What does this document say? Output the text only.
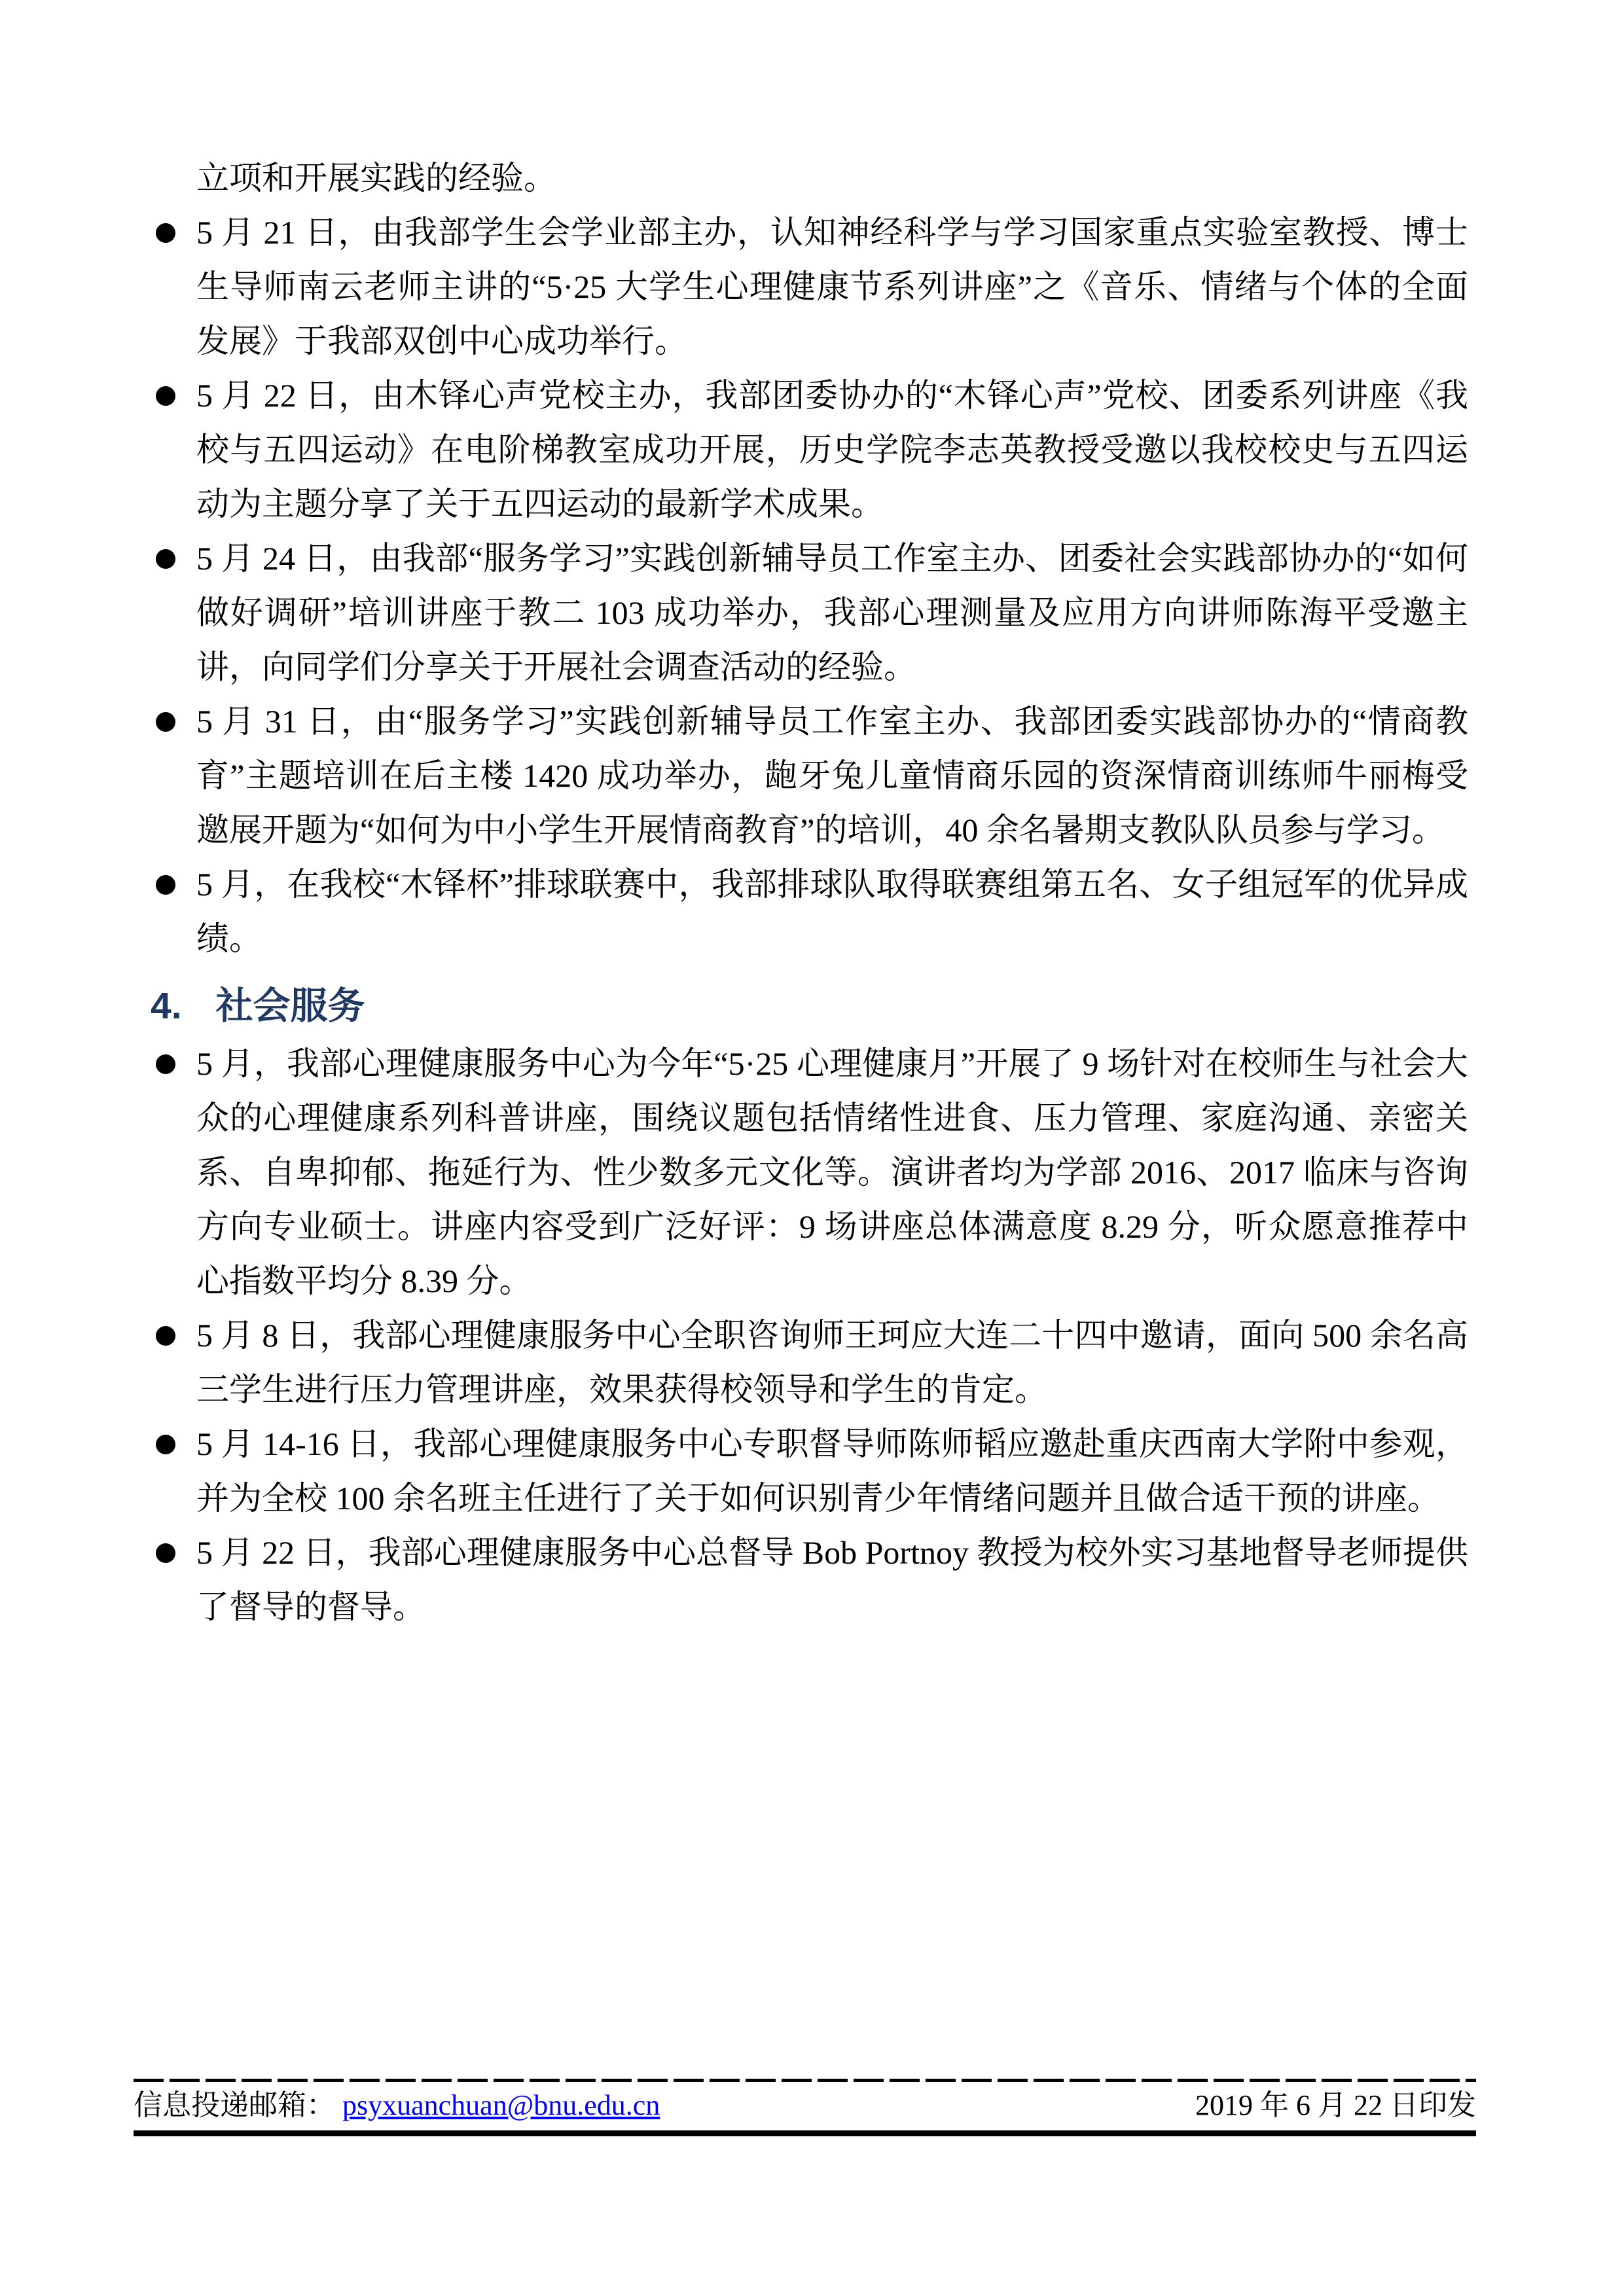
立项和开展实践的经验。
5 月 21 日，由我部学生会学业部主办，认知神经科学与学习国家重点实验室教授、博士生导师南云老师主讲的“5·25 大学生心理健康节系列讲座”之《音乐、情绪与个体的全面发展》于我部双创中心成功举行。
5 月 22 日，由木铎心声党校主办，我部团委协办的“木铎心声”党校、团委系列讲座《我校与五四运动》在电阶梯教室成功开展，历史学院李志英教授受邀以我校校史与五四运动为主题分享了关于五四运动的最新学术成果。
5 月 24 日，由我部“服务学习”实践创新辅导员工作室主办、团委社会实践部协办的“如何做好调研”培训讲座于教二 103 成功举办，我部心理测量及应用方向讲师陈海平受邀主讲，向同学们分享关于开展社会调查活动的经验。
5 月 31 日，由“服务学习”实践创新辅导员工作室主办、我部团委实践部协办的“情商教育”主题培训在后主楼 1420 成功举办，龅牙兔儿童情商乐园的资深情商训练师牛丽梅受邀展开题为“如何为中小学生开展情商教育”的培训，40 余名暑期支教队队员参与学习。
5 月，在我校“木铎杯”排球联赛中，我部排球队取得联赛组第五名、女子组冠军的优异成绩。
4. 社会服务
5 月，我部心理健康服务中心为今年“5·25 心理健康月”开展了 9 场针对在校师生与社会大众的心理健康系列科普讲座，围绕议题包括情绪性进食、压力管理、家庭沟通、亲密关系、自卑抑郁、拖延行为、性少数多元文化等。演讲者均为学部 2016、2017 临床与咨询方向专业硕士。讲座内容受到广泛好评：9 场讲座总体满意度 8.29 分，听众愿意推荐中心指数平均分 8.39 分。
5 月 8 日，我部心理健康服务中心全职咨询师王珂应大连二十四中邀请，面向 500 余名高三学生进行压力管理讲座，效果获得校领导和学生的肯定。
5 月 14-16 日，我部心理健康服务中心专职督导师陈师韬应邀赴重庆西南大学附中参观，并为全校 100 余名班主任进行了关于如何识别青少年情绪问题并且做合适干预的讲座。
5 月 22 日，我部心理健康服务中心总督导 Bob Portnoy 教授为校外实习基地督导老师提供了督导的督导。
信息投递邮箱： psyxuanchuan@bnu.edu.cn	2019 年 6 月 22 日印发
